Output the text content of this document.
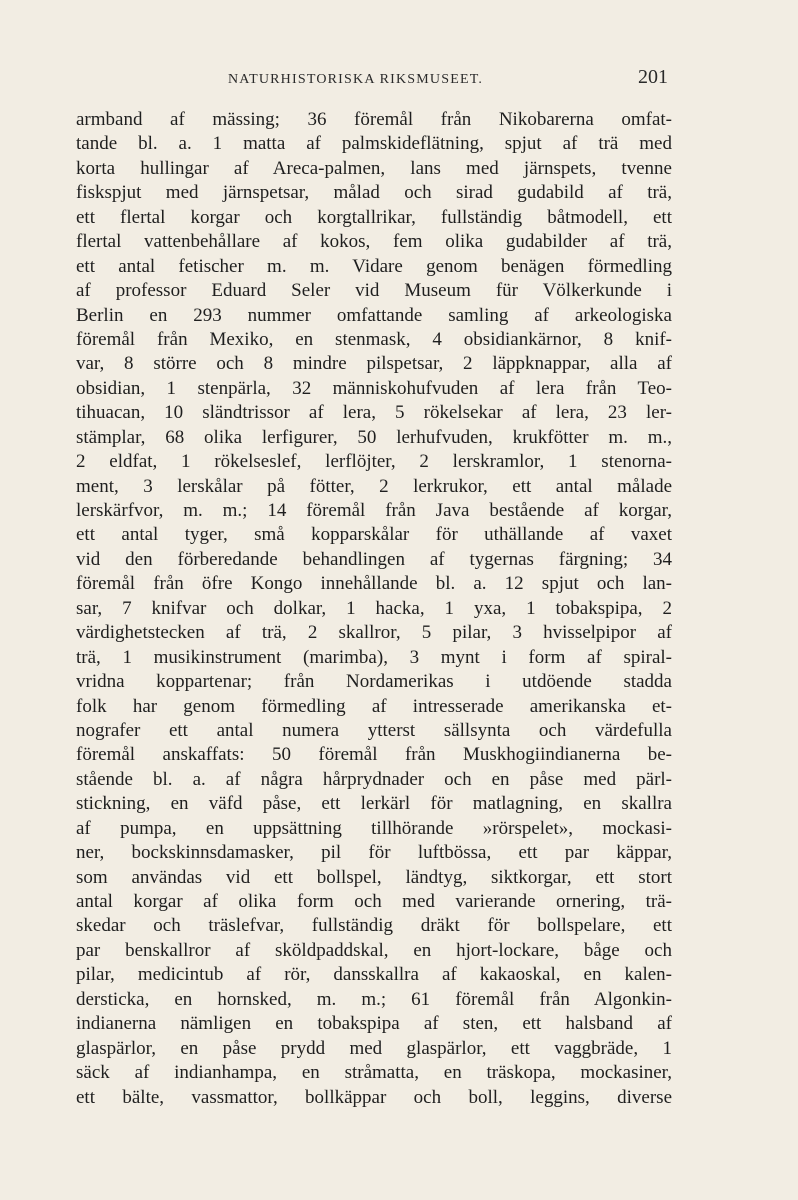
NATURHISTORISKA RIKSMUSEET.	201
armband af mässing; 36 föremål från Nikobarerna omfat-
tande bl. a. 1 matta af palmskideflätning, spjut af trä med
korta hullingar af Areca-palmen, lans med järnspets, tvenne
fiskspjut med järnspetsar, målad och sirad gudabild af trä,
ett flertal korgar och korgtallrikar, fullständig båtmodell, ett
flertal vattenbehållare af kokos, fem olika gudabilder af trä,
ett antal fetischer m. m. Vidare genom benägen förmedling
af professor Eduard Seler vid Museum für Völkerkunde i
Berlin en 293 nummer omfattande samling af arkeologiska
föremål från Mexiko, en stenmask, 4 obsidiankärnor, 8 knif-
var, 8 större och 8 mindre pilspetsar, 2 läppknappar, alla af
obsidian, 1 stenpärla, 32 människohufvuden af lera från Teo-
tihuacan, 10 sländtrissor af lera, 5 rökelsekar af lera, 23 ler-
stämplar, 68 olika lerfigurer, 50 lerhufvuden, krukfötter m. m.,
2 eldfat, 1 rökelseslef, lerflöjter, 2 lerskramlor, 1 stenorna-
ment, 3 lerskålar på fötter, 2 lerkrukor, ett antal målade
lerskärfvor, m. m.; 14 föremål från Java bestående af korgar,
ett antal tyger, små kopparskålar för uthällande af vaxet
vid den förberedande behandlingen af tygernas färgning; 34
föremål från öfre Kongo innehållande bl. a. 12 spjut och lan-
sar, 7 knifvar och dolkar, 1 hacka, 1 yxa, 1 tobakspipa, 2
värdighetstecken af trä, 2 skallror, 5 pilar, 3 hvisselpipor af
trä, 1 musikinstrument (marimba), 3 mynt i form af spiral-
vridna koppartenar; från Nordamerikas i utdöende stadda
folk har genom förmedling af intresserade amerikanska et-
nografer ett antal numera ytterst sällsynta och värdefulla
föremål anskaffats: 50 föremål från Muskhogiindianerna be-
stående bl. a. af några hårprydnader och en påse med pärl-
stickning, en väfd påse, ett lerkärl för matlagning, en skallra
af pumpa, en uppsättning tillhörande »rörspelet», mockasi-
ner, bockskinnsdamasker, pil för luftbössa, ett par käppar,
som användas vid ett bollspel, ländtyg, siktkorgar, ett stort
antal korgar af olika form och med varierande ornering, trä-
skedar och träslefvar, fullständig dräkt för bollspelare, ett
par benskallror af sköldpaddskal, en hjort-lockare, båge och
pilar, medicintub af rör, dansskallra af kakaoskal, en kalen-
dersticka, en hornsked, m. m.; 61 föremål från Algonkin-
indianerna nämligen en tobakspipa af sten, ett halsband af
glaspärlor, en påse prydd med glaspärlor, ett vaggbräde, 1
säck af indianhampa, en stråmatta, en träskopa, mockasiner,
ett bälte, vassmattor, bollkäppar och boll, leggins, diverse
